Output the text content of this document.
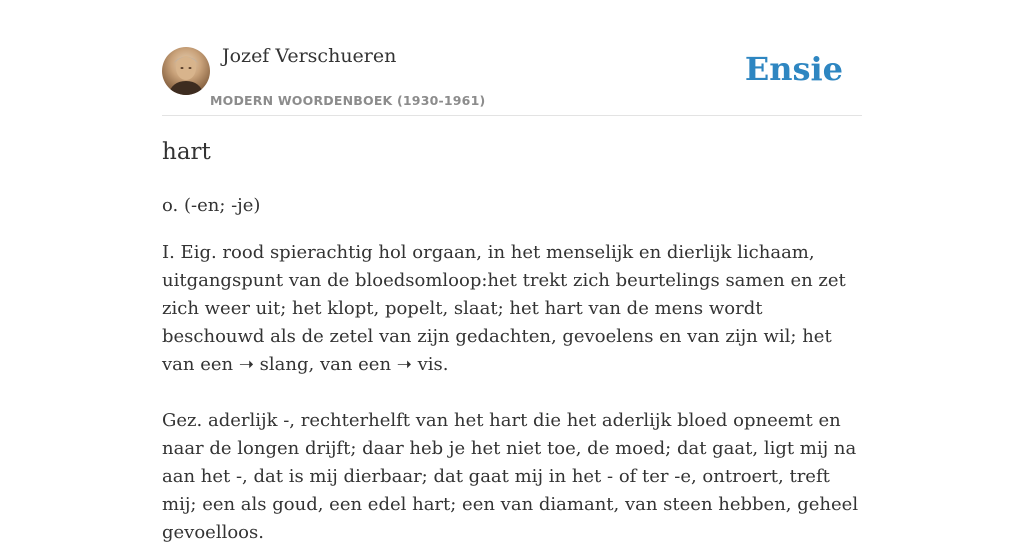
Jozef Verschueren
MODERN WOORDENBOEK (1930-1961)
Ensie
hart
o. (-en; -je)

I. Eig. rood spierachtig hol orgaan, in het menselijk en dierlijk lichaam, uitgangspunt van de bloedsomloop:het trekt zich beurtelings samen en zet zich weer uit; het klopt, popelt, slaat; het hart van de mens wordt beschouwd als de zetel van zijn gedachten, gevoelens en van zijn wil; het van een ➝ slang, van een ➝ vis.

Gez. aderlijk -, rechterhelft van het hart die het aderlijk bloed opneemt en naar de longen drijft; daar heb je het niet toe, de moed; dat gaat, ligt mij na aan het -, dat is mij dierbaar; dat gaat mij in het - of ter -e, ontroert, treft mij; een als goud, een edel hart; een van diamant, van steen hebben, geheel gevoelloos.
